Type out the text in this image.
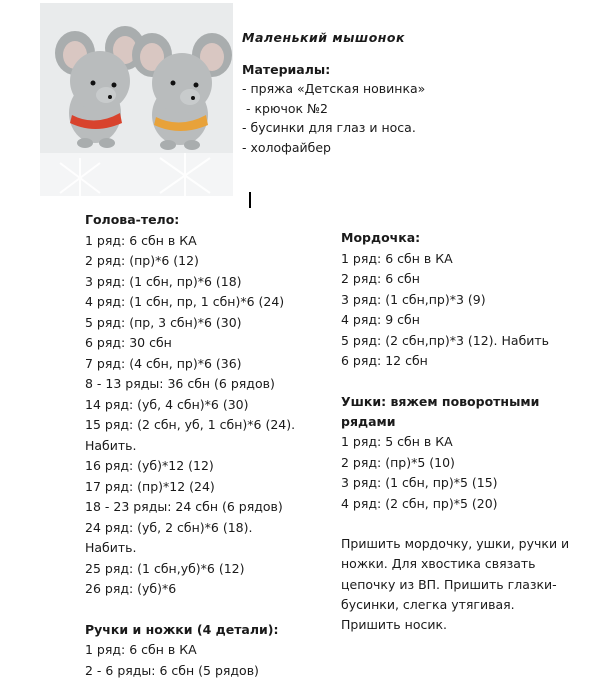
Маленький мышонок
Материалы:
- пряжа «Детская новинка»
- крючок №2
- бусинки для глаз и носа.
- холофайбер
Голова-тело:
1 ряд: 6 сбн в КА
2 ряд: (пр)*6 (12)
3 ряд: (1 сбн, пр)*6 (18)
4 ряд: (1 сбн, пр, 1 сбн)*6 (24)
5 ряд: (пр, 3 сбн)*6 (30)
6 ряд: 30 сбн
7 ряд: (4 сбн, пр)*6 (36)
8 - 13 ряды: 36 сбн (6 рядов)
14 ряд: (уб, 4 сбн)*6 (30)
15 ряд: (2 сбн, уб, 1 сбн)*6 (24).
Набить.
16 ряд: (уб)*12 (12)
17 ряд: (пр)*12 (24)
18 - 23 ряды: 24 сбн (6 рядов)
24 ряд: (уб, 2 сбн)*6 (18).
Набить.
25 ряд: (1 сбн,уб)*6 (12)
26 ряд: (уб)*6
Ручки и ножки (4 детали):
1 ряд: 6 сбн в КА
2 - 6 ряды: 6 сбн (5 рядов)
Мордочка:
1 ряд: 6 сбн в КА
2 ряд: 6 сбн
3 ряд: (1 сбн,пр)*3 (9)
4 ряд: 9 сбн
5 ряд: (2 сбн,пр)*3 (12). Набить
6 ряд: 12 сбн
Ушки: вяжем поворотными рядами
1 ряд: 5 сбн в КА
2 ряд: (пр)*5 (10)
3 ряд: (1 сбн, пр)*5 (15)
4 ряд: (2 сбн, пр)*5 (20)
Пришить мордочку, ушки, ручки и ножки. Для хвостика связать цепочку из ВП. Пришить глазки-бусинки, слегка утягивая. Пришить носик.
